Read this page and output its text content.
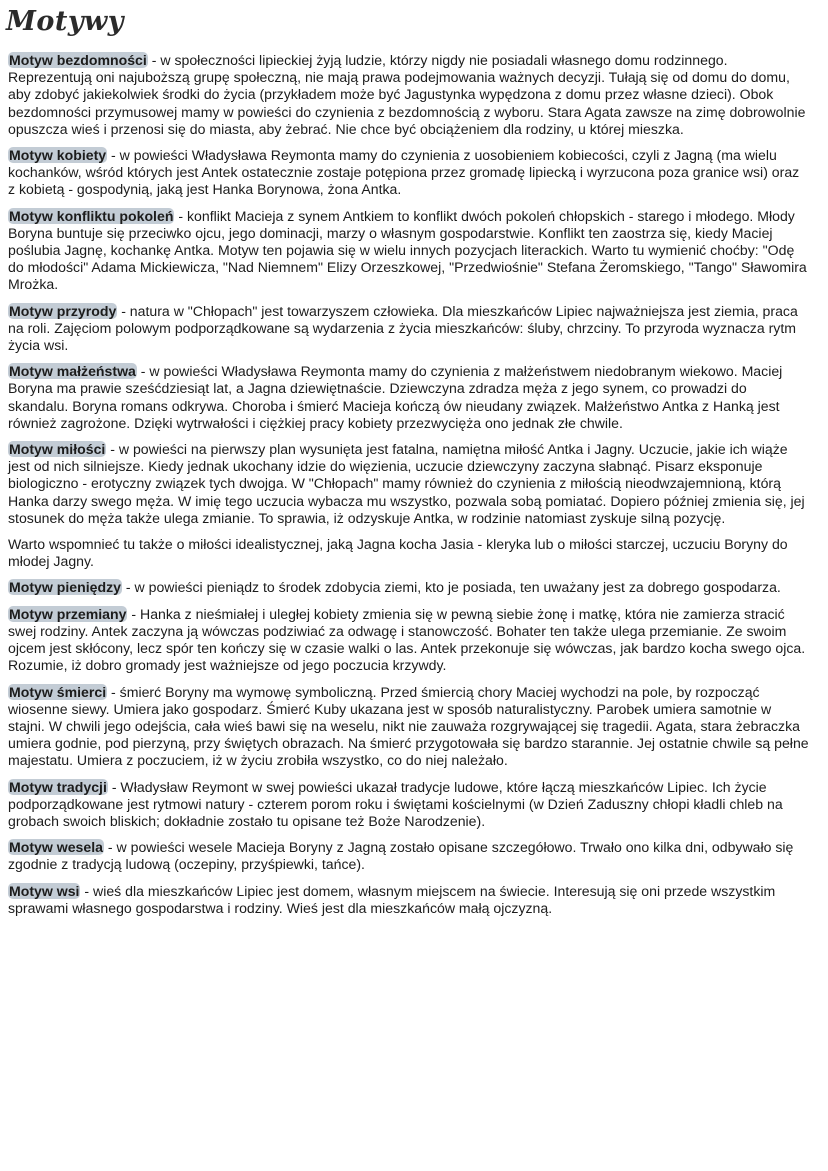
Motywy

Motyw bezdomności - w społeczności lipieckiej żyją ludzie, którzy nigdy nie posiadali własnego domu rodzinnego. Reprezentują oni najuboższą grupę społeczną, nie mają prawa podejmowania ważnych decyzji. Tułają się od domu do domu, aby zdobyć jakiekolwiek środki do życia (przykładem może być Jagustynka wypędzona z domu przez własne dzieci). Obok bezdomności przymusowej mamy w powieści do czynienia z bezdomnością z wyboru. Stara Agata zawsze na zimę dobrowolnie opuszcza wieś i przenosi się do miasta, aby żebrać. Nie chce być obciążeniem dla rodziny, u której mieszka.

Motyw kobiety - w powieści Władysława Reymonta mamy do czynienia z uosobieniem kobiecości, czyli z Jagną (ma wielu kochanków, wśród których jest Antek ostatecznie zostaje potępiona przez gromadę lipiecką i wyrzucona poza granice wsi) oraz z kobietą - gospodynią, jaką jest Hanka Borynowa, żona Antka.

Motyw konfliktu pokoleń - konflikt Macieja z synem Antkiem to konflikt dwóch pokoleń chłopskich - starego i młodego. Młody Boryna buntuje się przeciwko ojcu, jego dominacji, marzy o własnym gospodarstwie. Konflikt ten zaostrza się, kiedy Maciej poślubia Jagnę, kochankę Antka. Motyw ten pojawia się w wielu innych pozycjach literackich. Warto tu wymienić choćby: "Odę do młodości" Adama Mickiewicza, "Nad Niemnem" Elizy Orzeszkowej, "Przedwiośnie" Stefana Żeromskiego, "Tango" Sławomira Mrożka.

Motyw przyrody - natura w "Chłopach" jest towarzyszem człowieka. Dla mieszkańców Lipiec najważniejsza jest ziemia, praca na roli. Zajęciom polowym podporządkowane są wydarzenia z życia mieszkańców: śluby, chrzciny. To przyroda wyznacza rytm życia wsi.

Motyw małżeństwa - w powieści Władysława Reymonta mamy do czynienia z małżeństwem niedobranym wiekowo. Maciej Boryna ma prawie sześćdziesiąt lat, a Jagna dziewiętnaście. Dziewczyna zdradza męża z jego synem, co prowadzi do skandalu. Boryna romans odkrywa. Choroba i śmierć Macieja kończą ów nieudany związek. Małżeństwo Antka z Hanką jest również zagrożone. Dzięki wytrwałości i ciężkiej pracy kobiety przezwycięża ono jednak złe chwile.

Motyw miłości - w powieści na pierwszy plan wysunięta jest fatalna, namiętna miłość Antka i Jagny. Uczucie, jakie ich wiąże jest od nich silniejsze. Kiedy jednak ukochany idzie do więzienia, uczucie dziewczyny zaczyna słabnąć. Pisarz eksponuje biologiczno - erotyczny związek tych dwojga. W "Chłopach" mamy również do czynienia z miłością nieodwzajemnioną, którą Hanka darzy swego męża. W imię tego uczucia wybacza mu wszystko, pozwala sobą pomiatać. Dopiero później zmienia się, jej stosunek do męża także ulega zmianie. To sprawia, iż odzyskuje Antka, w rodzinie natomiast zyskuje silną pozycję.

Warto wspomnieć tu także o miłości idealistycznej, jaką Jagna kocha Jasia - kleryka lub o miłości starczej, uczuciu Boryny do młodej Jagny.

Motyw pieniędzy - w powieści pieniądz to środek zdobycia ziemi, kto je posiada, ten uważany jest za dobrego gospodarza.

Motyw przemiany - Hanka z nieśmiałej i uległej kobiety zmienia się w pewną siebie żonę i matkę, która nie zamierza stracić swej rodziny. Antek zaczyna ją wówczas podziwiać za odwagę i stanowczość. Bohater ten także ulega przemianie. Ze swoim ojcem jest skłócony, lecz spór ten kończy się w czasie walki o las. Antek przekonuje się wówczas, jak bardzo kocha swego ojca. Rozumie, iż dobro gromady jest ważniejsze od jego poczucia krzywdy.

Motyw śmierci - śmierć Boryny ma wymowę symboliczną. Przed śmiercią chory Maciej wychodzi na pole, by rozpocząć wiosenne siewy. Umiera jako gospodarz. Śmierć Kuby ukazana jest w sposób naturalistyczny. Parobek umiera samotnie w stajni. W chwili jego odejścia, cała wieś bawi się na weselu, nikt nie zauważa rozgrywającej się tragedii. Agata, stara żebraczka umiera godnie, pod pierzyną, przy świętych obrazach. Na śmierć przygotowała się bardzo starannie. Jej ostatnie chwile są pełne majestatu. Umiera z poczuciem, iż w życiu zrobiła wszystko, co do niej należało.

Motyw tradycji - Władysław Reymont w swej powieści ukazał tradycje ludowe, które łączą mieszkańców Lipiec. Ich życie podporządkowane jest rytmowi natury - czterem porom roku i świętami kościelnymi (w Dzień Zaduszny chłopi kładli chleb na grobach swoich bliskich; dokładnie zostało tu opisane też Boże Narodzenie).

Motyw wesela - w powieści wesele Macieja Boryny z Jagną zostało opisane szczegółowo. Trwało ono kilka dni, odbywało się zgodnie z tradycją ludową (oczepiny, przyśpiewki, tańce).

Motyw wsi - wieś dla mieszkańców Lipiec jest domem, własnym miejscem na świecie. Interesują się oni przede wszystkim sprawami własnego gospodarstwa i rodziny. Wieś jest dla mieszkańców małą ojczyzną.
